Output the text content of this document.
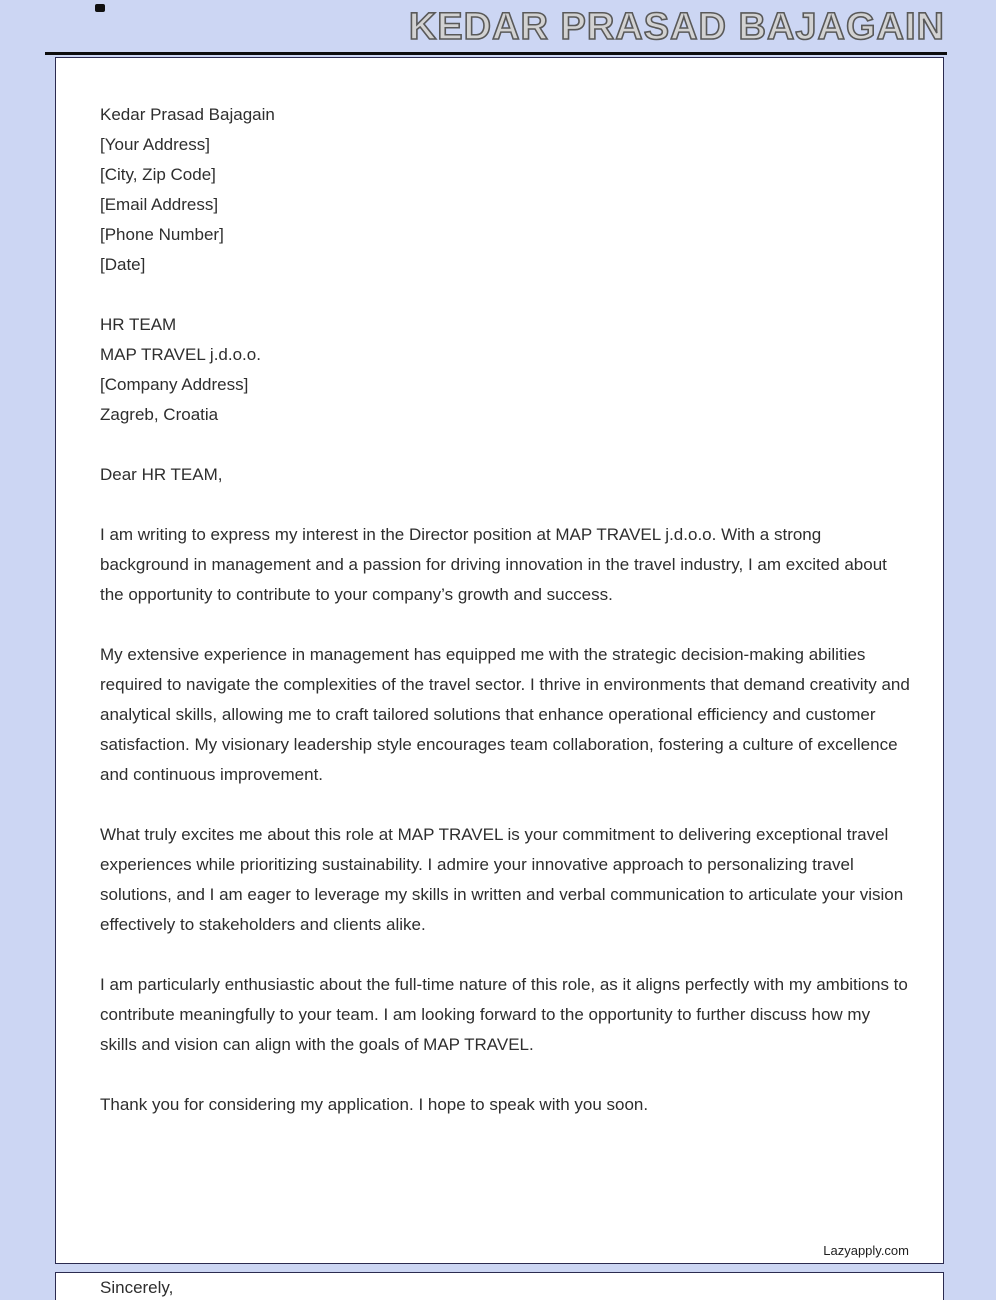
KEDAR PRASAD BAJAGAIN
Kedar Prasad Bajagain
[Your Address]
[City, Zip Code]
[Email Address]
[Phone Number]
[Date]
HR TEAM
MAP TRAVEL j.d.o.o.
[Company Address]
Zagreb, Croatia

Dear HR TEAM,

I am writing to express my interest in the Director position at MAP TRAVEL j.d.o.o. With a strong background in management and a passion for driving innovation in the travel industry, I am excited about the opportunity to contribute to your company’s growth and success.

My extensive experience in management has equipped me with the strategic decision-making abilities required to navigate the complexities of the travel sector. I thrive in environments that demand creativity and analytical skills, allowing me to craft tailored solutions that enhance operational efficiency and customer satisfaction. My visionary leadership style encourages team collaboration, fostering a culture of excellence and continuous improvement.

What truly excites me about this role at MAP TRAVEL is your commitment to delivering exceptional travel experiences while prioritizing sustainability. I admire your innovative approach to personalizing travel solutions, and I am eager to leverage my skills in written and verbal communication to articulate your vision effectively to stakeholders and clients alike.

I am particularly enthusiastic about the full-time nature of this role, as it aligns perfectly with my ambitions to contribute meaningfully to your team. I am looking forward to the opportunity to further discuss how my skills and vision can align with the goals of MAP TRAVEL.

Thank you for considering my application. I hope to speak with you soon.

Lazyapply.com
Sincerely,
